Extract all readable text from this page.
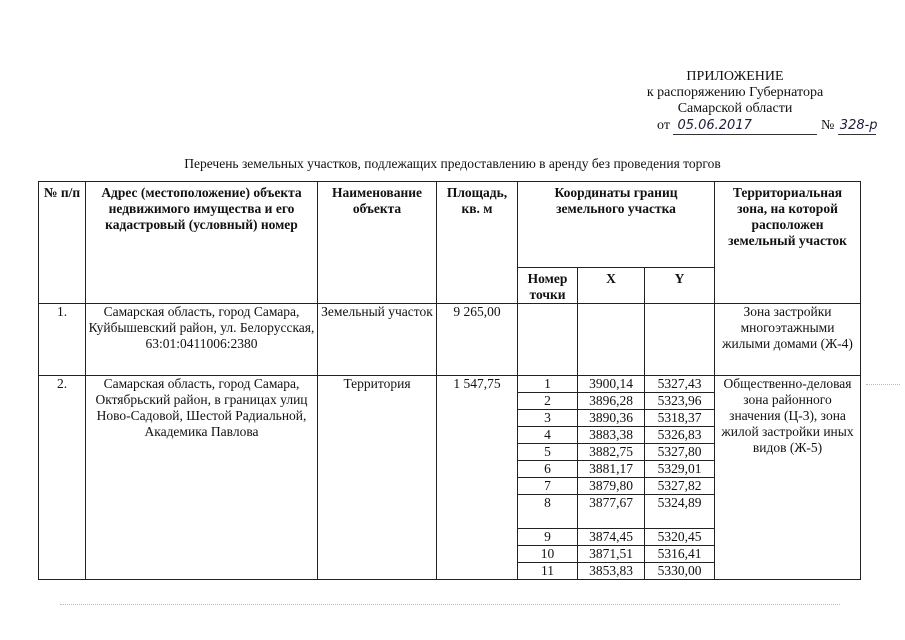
ПРИЛОЖЕНИЕ
к распоряжению Губернатора
Самарской области
от 05.06.2017	№ 328-р
Перечень земельных участков, подлежащих предоставлению в аренду без проведения торгов
№ п/п	Адрес (местоположение) объекта недвижимого имущества и его кадастровый (условный) номер	Наименование объекта	Площадь, кв. м	Координаты границ земельного участка			Территориальная зона, на которой расположен земельный участок
				Номер точки	X	Y	
1.	Самарская область, город Самара, Куйбышевский район, ул. Белорусская, 63:01:0411006:2380	Земельный участок	9 265,00				Зона застройки многоэтажными жилыми домами (Ж-4)
2.	Самарская область, город Самара, Октябрьский район, в границах улиц Ново-Садовой, Шестой Радиальной, Академика Павлова	Территория	1 547,75	1	3900,14	5327,43	Общественно-деловая зона районного значения (Ц-3), зона жилой застройки иных видов (Ж-5)
				2	3896,28	5323,96	
				3	3890,36	5318,37	
				4	3883,38	5326,83	
				5	3882,75	5327,80	
				6	3881,17	5329,01	
				7	3879,80	5327,82	
				8	3877,67	5324,89	
				9	3874,45	5320,45	
				10	3871,51	5316,41	
				11	3853,83	5330,00	
